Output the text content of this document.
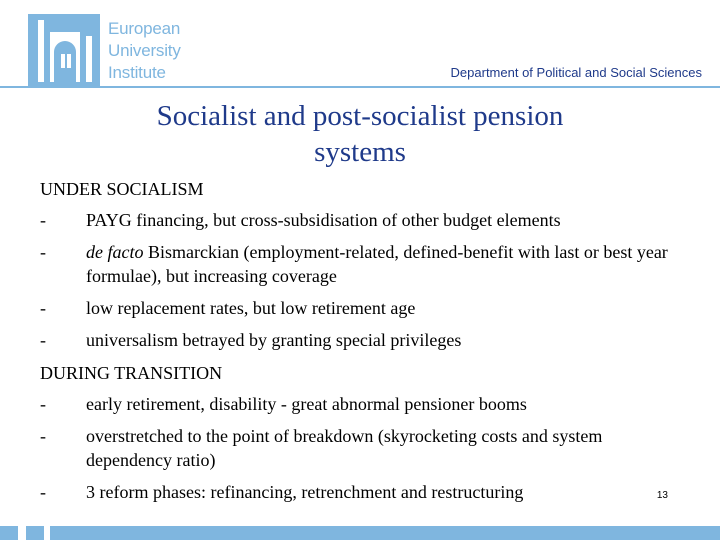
European
University
Institute	Department of Political and Social Sciences
Socialist and post-socialist pension
systems
UNDER SOCIALISM
-	PAYG financing, but cross-subsidisation of other budget elements
-	de facto Bismarckian (employment-related, defined-benefit with last or best year formulae), but increasing coverage
-	low replacement rates, but low retirement age
-	universalism betrayed by granting special privileges
DURING TRANSITION
-	early retirement, disability - great abnormal pensioner booms
-	overstretched to the point of breakdown (skyrocketing costs and system dependency ratio)
-	3 reform phases: refinancing, retrenchment and restructuring	13
